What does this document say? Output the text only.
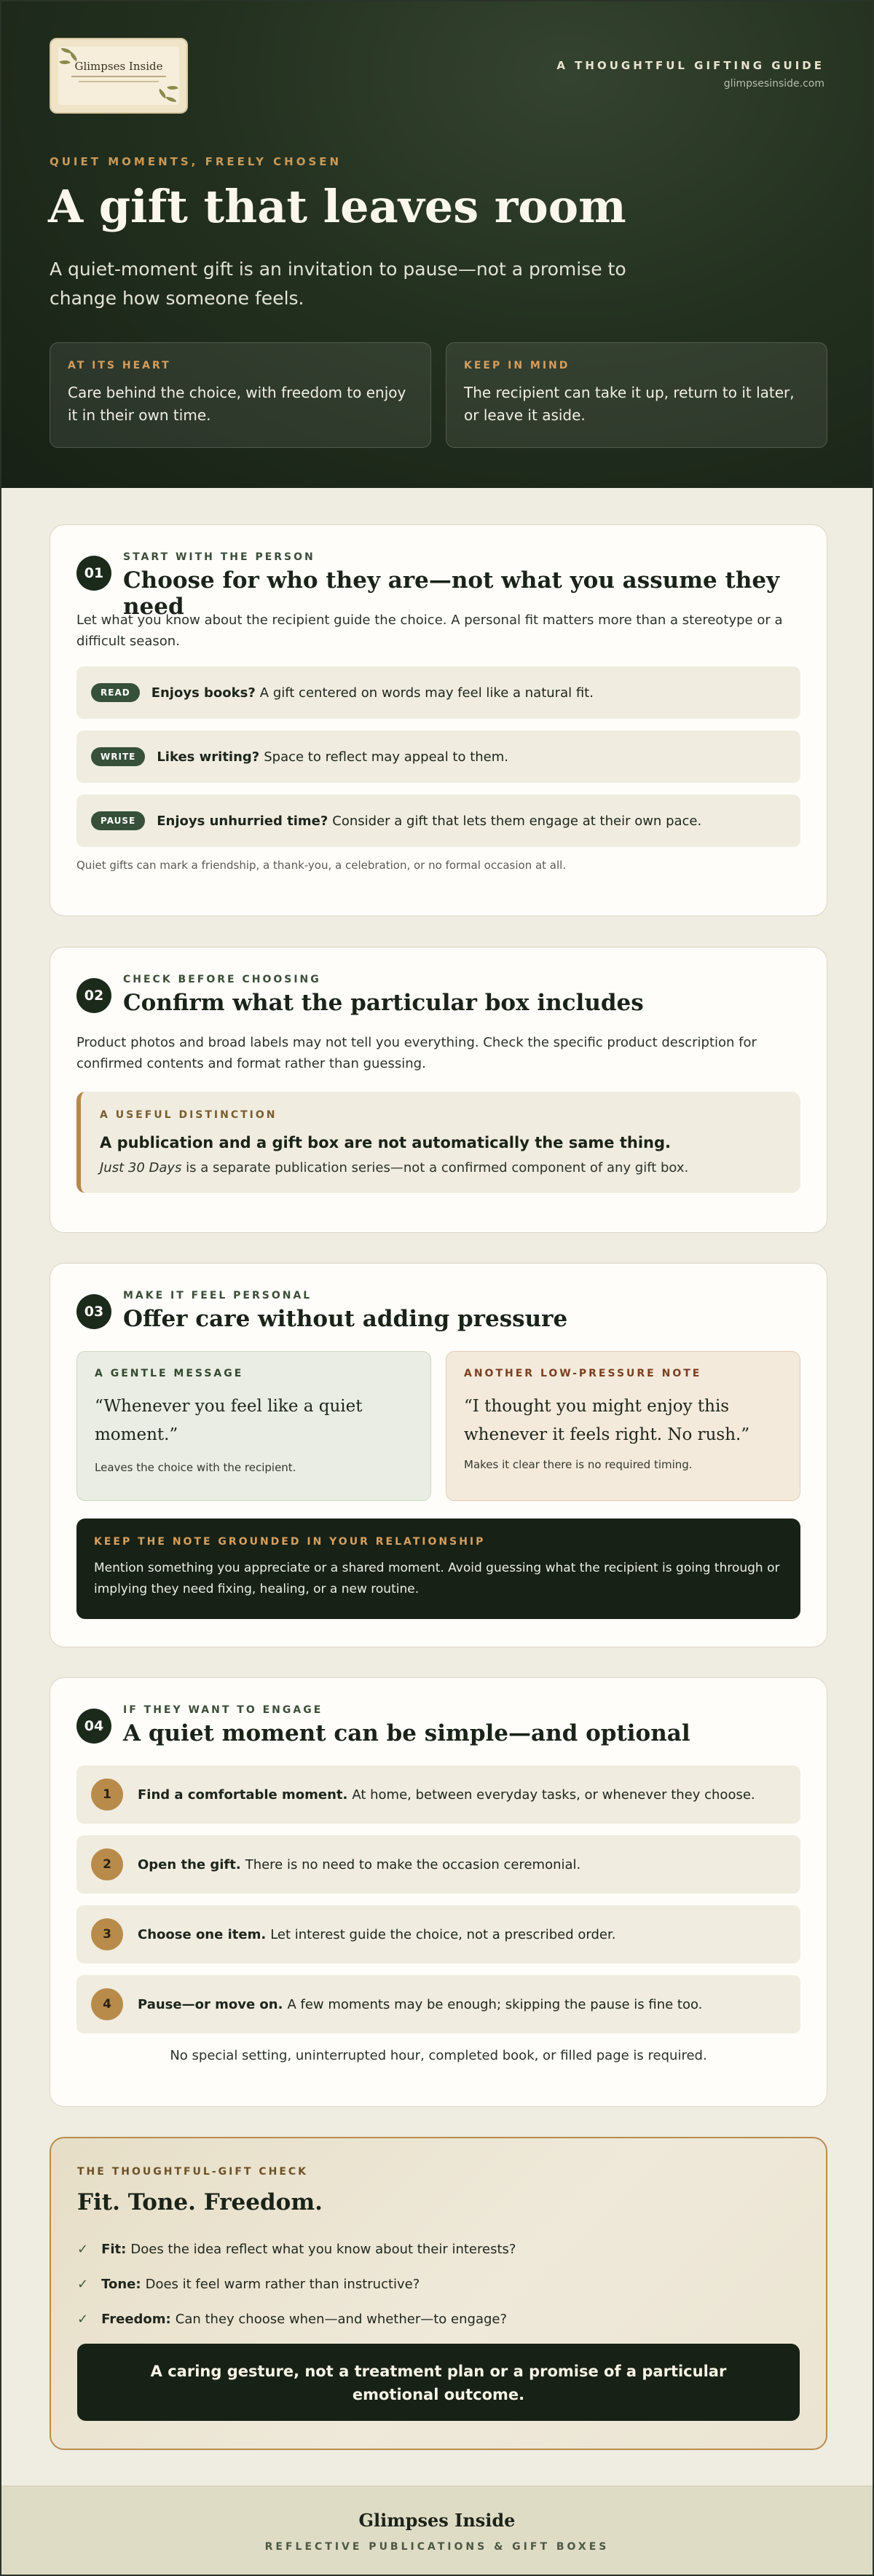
Glimpses Inside	A THOUGHTFUL GIFTING GUIDE
glimpsesinside.com
QUIET MOMENTS, FREELY CHOSEN
A gift that leaves room

A quiet-moment gift is an invitation to pause—not a promise to change how someone feels.

AT ITS HEART
Care behind the choice, with freedom to enjoy it in their own time.
KEEP IN MIND
The recipient can take it up, return to it later, or leave it aside.
01
START WITH THE PERSON
Choose for who they are—not what you assume they need

Let what you know about the recipient guide the choice. A personal fit matters more than a stereotype or a difficult season.

READ	Enjoys books? A gift centered on words may feel like a natural fit.
WRITE	Likes writing? Space to reflect may appeal to them.
PAUSE	Enjoys unhurried time? Consider a gift that lets them engage at their own pace.

Quiet gifts can mark a friendship, a thank-you, a celebration, or no formal occasion at all.

02
CHECK BEFORE CHOOSING
Confirm what the particular box includes

Product photos and broad labels may not tell you everything. Check the specific product description for confirmed contents and format rather than guessing.

A USEFUL DISTINCTION
A publication and a gift box are not automatically the same thing.
Just 30 Days is a separate publication series—not a confirmed component of any gift box.
03
MAKE IT FEEL PERSONAL
Offer care without adding pressure
A GENTLE MESSAGE
“Whenever you feel like a quiet moment.”
Leaves the choice with the recipient.
ANOTHER LOW-PRESSURE NOTE
“I thought you might enjoy this whenever it feels right. No rush.”
Makes it clear there is no required timing.
KEEP THE NOTE GROUNDED IN YOUR RELATIONSHIP
Mention something you appreciate or a shared moment. Avoid guessing what the recipient is going through or implying they need fixing, healing, or a new routine.
04
IF THEY WANT TO ENGAGE
A quiet moment can be simple—and optional
1	Find a comfortable moment. At home, between everyday tasks, or whenever they choose.
2	Open the gift. There is no need to make the occasion ceremonial.
3	Choose one item. Let interest guide the choice, not a prescribed order.
4	Pause—or move on. A few moments may be enough; skipping the pause is fine too.

No special setting, uninterrupted hour, completed book, or filled page is required.

THE THOUGHTFUL-GIFT CHECK
Fit. Tone. Freedom.
✓ Fit: Does the idea reflect what you know about their interests?
✓ Tone: Does it feel warm rather than instructive?
✓ Freedom: Can they choose when—and whether—to engage?
A caring gesture, not a treatment plan or a promise of a particular emotional outcome.
Glimpses Inside
REFLECTIVE PUBLICATIONS & GIFT BOXES
